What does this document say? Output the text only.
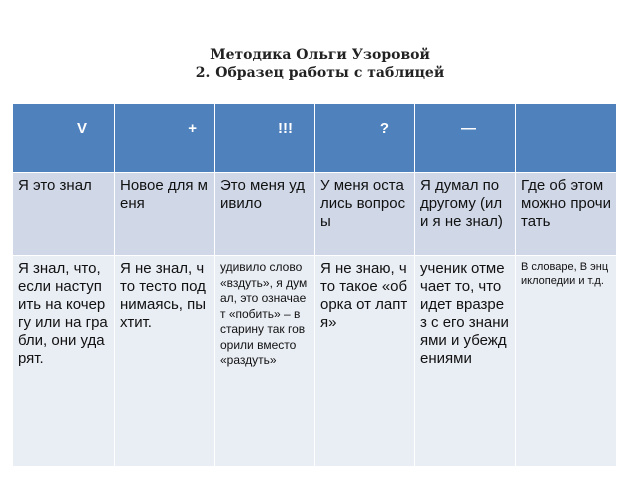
Методика Ольги Узоровой
2. Образец работы с таблицей
V	+	!!!	?	—	

Я это знал	Новое для меня	Это меня удивило	У меня остались вопросы	Я думал по другому (или я не знал)	Где об этом можно прочитать
Я знал, что, если наступить на кочергу или на грабли, они ударят.	Я не знал, что тесто поднимаясь, пыхтит.	удивило слово «вздуть», я думал, это означает «побить» – в старину так говорили вместо «раздуть»	Я не знаю, что такое «оборка от лаптя»	ученик отмечает то, что идет вразрез с его знаниями и убеждениями	В словаре, В энциклопедии и т.д.
